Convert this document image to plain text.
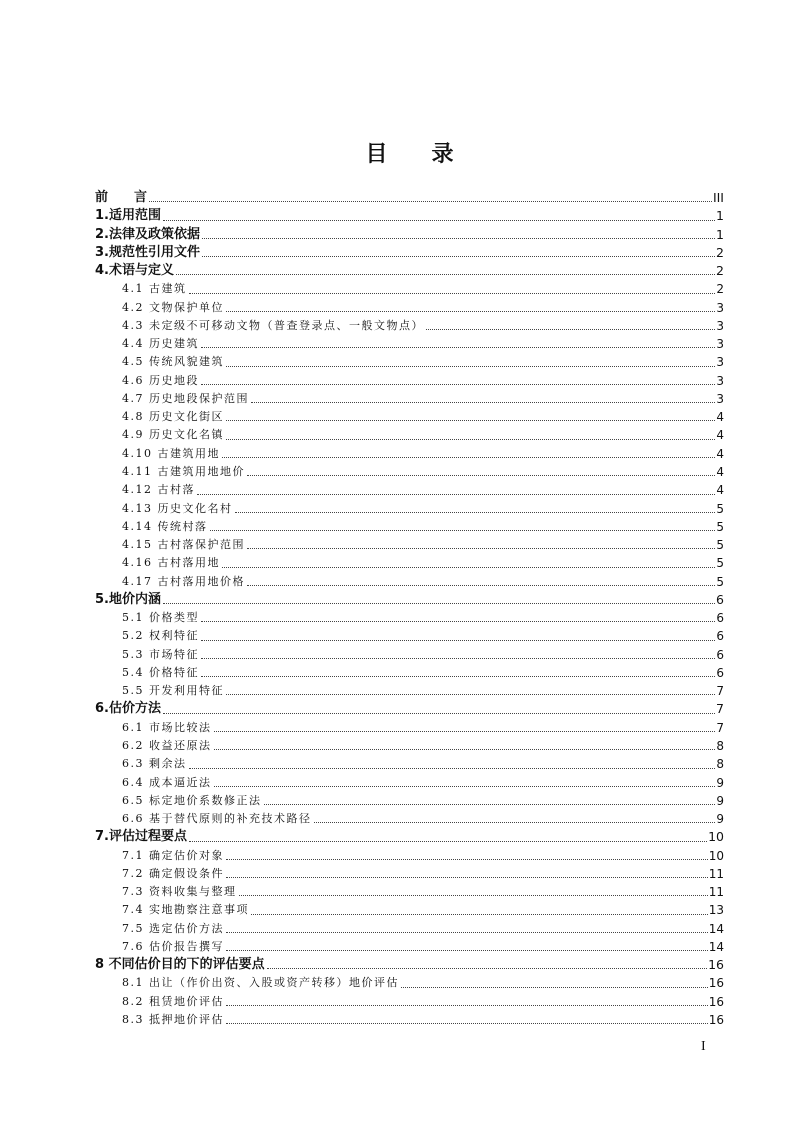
目　　录
前　　言	III
1.适用范围	1
2.法律及政策依据	1
3.规范性引用文件	2
4.术语与定义	2
4.1 古建筑	2
4.2 文物保护单位	3
4.3 未定级不可移动文物（普查登录点、一般文物点）	3
4.4 历史建筑	3
4.5 传统风貌建筑	3
4.6 历史地段	3
4.7 历史地段保护范围	3
4.8 历史文化街区	4
4.9 历史文化名镇	4
4.10 古建筑用地	4
4.11 古建筑用地地价	4
4.12 古村落	4
4.13 历史文化名村	5
4.14 传统村落	5
4.15 古村落保护范围	5
4.16 古村落用地	5
4.17 古村落用地价格	5
5.地价内涵	6
5.1 价格类型	6
5.2 权利特征	6
5.3 市场特征	6
5.4 价格特征	6
5.5 开发利用特征	7
6.估价方法	7
6.1 市场比较法	7
6.2 收益还原法	8
6.3 剩余法	8
6.4 成本逼近法	9
6.5 标定地价系数修正法	9
6.6 基于替代原则的补充技术路径	9
7.评估过程要点	10
7.1 确定估价对象	10
7.2 确定假设条件	11
7.3 资料收集与整理	11
7.4 实地勘察注意事项	13
7.5 选定估价方法	14
7.6 估价报告撰写	14
8 不同估价目的下的评估要点	16
8.1 出让（作价出资、入股或资产转移）地价评估	16
8.2 租赁地价评估	16
8.3 抵押地价评估	16
I
